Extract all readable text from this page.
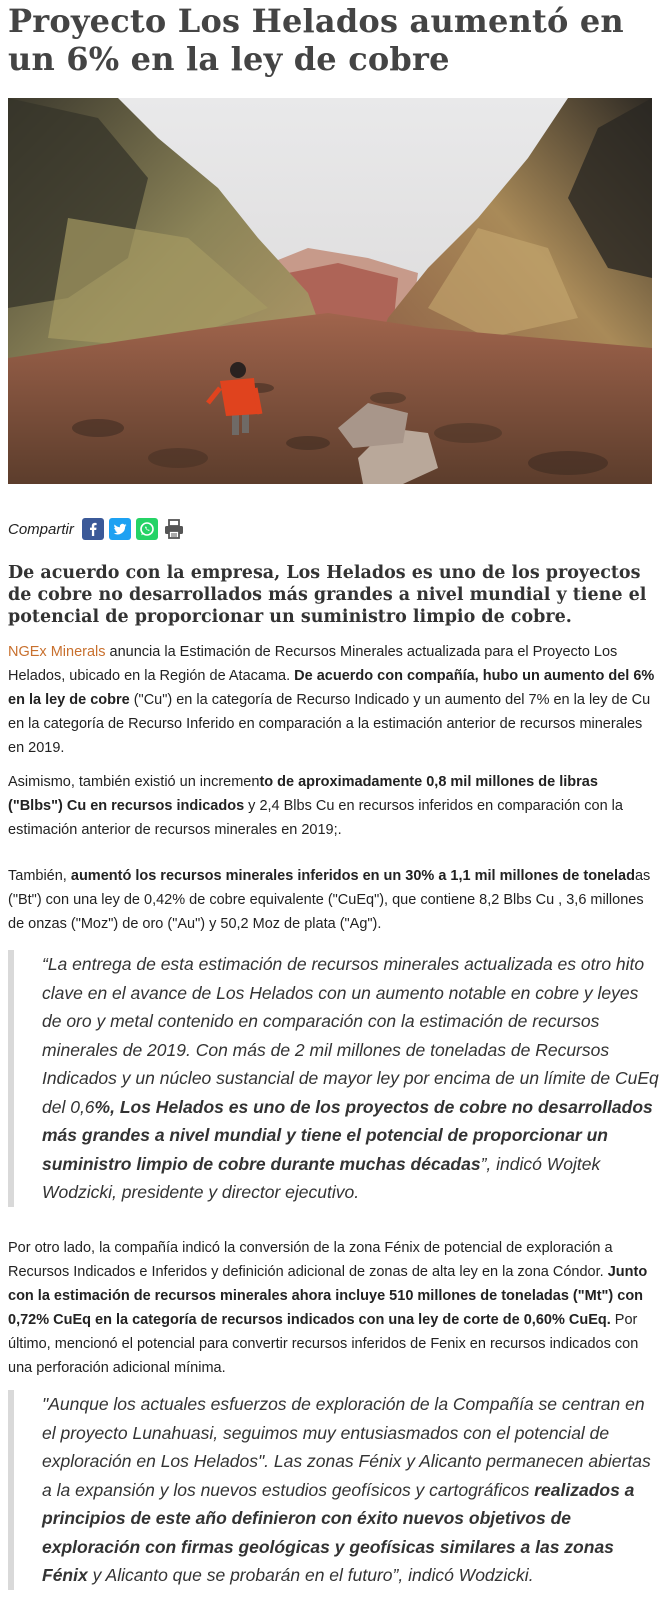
Proyecto Los Helados aumentó en un 6% en la ley de cobre
Compartir

De acuerdo con la empresa, Los Helados es uno de los proyectos de cobre no desarrollados más grandes a nivel mundial y tiene el potencial de proporcionar un suministro limpio de cobre.

NGEx Minerals anuncia la Estimación de Recursos Minerales actualizada para el Proyecto Los Helados, ubicado en la Región de Atacama. De acuerdo con compañía, hubo un aumento del 6% en la ley de cobre ("Cu") en la categoría de Recurso Indicado y un aumento del 7% en la ley de Cu en la categoría de Recurso Inferido en comparación a la estimación anterior de recursos minerales en 2019.

Asimismo, también existió un incremento de aproximadamente 0,8 mil millones de libras ("Blbs") Cu en recursos indicados y 2,4 Blbs Cu en recursos inferidos en comparación con la estimación anterior de recursos minerales en 2019;.

También, aumentó los recursos minerales inferidos en un 30% a 1,1 mil millones de toneladas ("Bt") con una ley de 0,42% de cobre equivalente ("CuEq"), que contiene 8,2 Blbs Cu , 3,6 millones de onzas ("Moz") de oro ("Au") y 50,2 Moz de plata ("Ag").

“La entrega de esta estimación de recursos minerales actualizada es otro hito clave en el avance de Los Helados con un aumento notable en cobre y leyes de oro y metal contenido en comparación con la estimación de recursos minerales de 2019. Con más de 2 mil millones de toneladas de Recursos Indicados y un núcleo sustancial de mayor ley por encima de un límite de CuEq del 0,6%, Los Helados es uno de los proyectos de cobre no desarrollados más grandes a nivel mundial y tiene el potencial de proporcionar un suministro limpio de cobre durante muchas décadas”, indicó Wojtek Wodzicki, presidente y director ejecutivo.

Por otro lado, la compañía indicó la conversión de la zona Fénix de potencial de exploración a Recursos Indicados e Inferidos y definición adicional de zonas de alta ley en la zona Cóndor. Junto con la estimación de recursos minerales ahora incluye 510 millones de toneladas ("Mt") con 0,72% CuEq en la categoría de recursos indicados con una ley de corte de 0,60% CuEq. Por último, mencionó el potencial para convertir recursos inferidos de Fenix en recursos indicados con una perforación adicional mínima.

"Aunque los actuales esfuerzos de exploración de la Compañía se centran en el proyecto Lunahuasi, seguimos muy entusiasmados con el potencial de exploración en Los Helados". Las zonas Fénix y Alicanto permanecen abiertas a la expansión y los nuevos estudios geofísicos y cartográficos realizados a principios de este año definieron con éxito nuevos objetivos de exploración con firmas geológicas y geofísicas similares a las zonas Fénix y Alicanto que se probarán en el futuro”, indicó Wodzicki.
